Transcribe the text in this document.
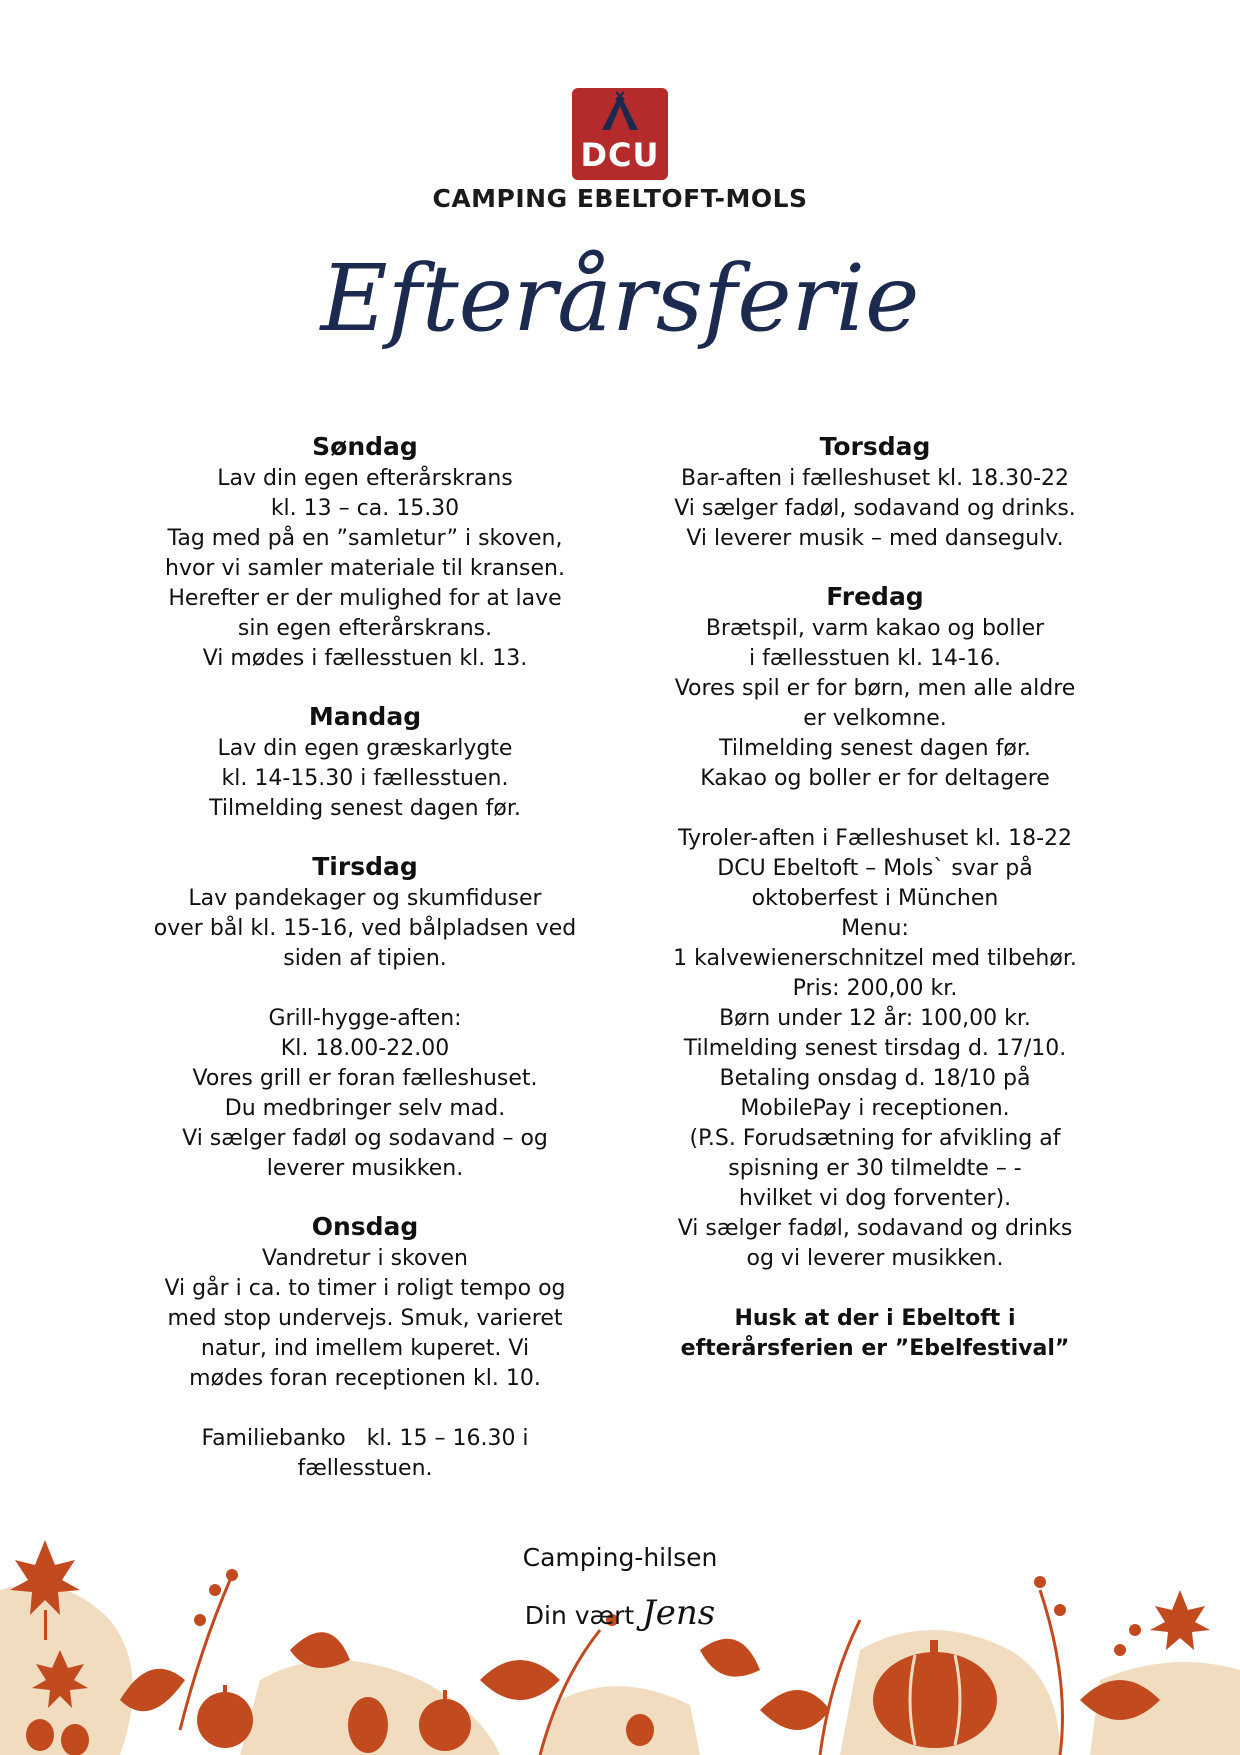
DCU
CAMPING EBELTOFT-MOLS
Efterårsferie
Søndag
Lav din egen efterårskrans
kl. 13 – ca. 15.30
Tag med på en ”samletur” i skoven,
hvor vi samler materiale til kransen.
Herefter er der mulighed for at lave
sin egen efterårskrans.
Vi mødes i fællesstuen kl. 13.
Mandag
Lav din egen græskarlygte
kl. 14-15.30 i fællesstuen.
Tilmelding senest dagen før.
Tirsdag
Lav pandekager og skumfiduser
over bål kl. 15-16, ved bålpladsen ved
siden af tipien.
Grill-hygge-aften:
Kl. 18.00-22.00
Vores grill er foran fælleshuset.
Du medbringer selv mad.
Vi sælger fadøl og sodavand – og
leverer musikken.
Onsdag
Vandretur i skoven
Vi går i ca. to timer i roligt tempo og
med stop undervejs. Smuk, varieret
natur, ind imellem kuperet. Vi
mødes foran receptionen kl. 10.
Familiebanko   kl. 15 – 16.30 i
fællesstuen.
Torsdag
Bar-aften i fælleshuset kl. 18.30-22
Vi sælger fadøl, sodavand og drinks.
Vi leverer musik – med dansegulv.
Fredag
Brætspil, varm kakao og boller
i fællesstuen kl. 14-16.
Vores spil er for børn, men alle aldre
er velkomne.
Tilmelding senest dagen før.
Kakao og boller er for deltagere
Tyroler-aften i Fælleshuset kl. 18-22
DCU Ebeltoft – Mols` svar på
oktoberfest i München
Menu:
1 kalvewienerschnitzel med tilbehør.
Pris: 200,00 kr.
Børn under 12 år: 100,00 kr.
Tilmelding senest tirsdag d. 17/10.
Betaling onsdag d. 18/10 på
MobilePay i receptionen.
(P.S. Forudsætning for afvikling af
spisning er 30 tilmeldte – -
hvilket vi dog forventer).
Vi sælger fadøl, sodavand og drinks
og vi leverer musikken.
Husk at der i Ebeltoft i
efterårsferien er ”Ebelfestival”
Camping-hilsen
Din vært Jens
